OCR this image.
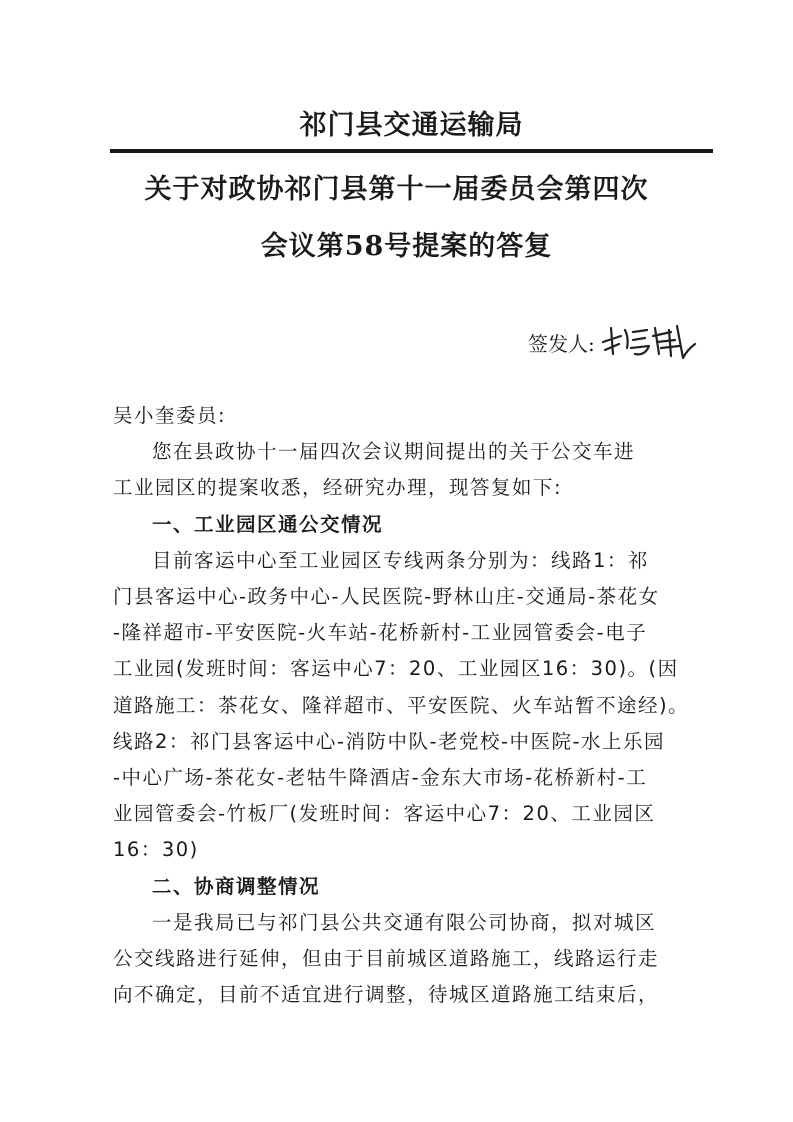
祁门县交通运输局
关于对政协祁门县第十一届委员会第四次
会议第58号提案的答复
签发人:

吴小奎委员:

您在县政协十一届四次会议期间提出的关于公交车进
工业园区的提案收悉，经研究办理，现答复如下:

一、工业园区通公交情况

目前客运中心至工业园区专线两条分别为：线路1：祁
门县客运中心-政务中心-人民医院-野林山庄-交通局-茶花女
-隆祥超市-平安医院-火车站-花桥新村-工业园管委会-电子
工业园(发班时间：客运中心7：20、工业园区16：30)。(因
道路施工：茶花女、隆祥超市、平安医院、火车站暂不途经)。
线路2：祁门县客运中心-消防中队-老党校-中医院-水上乐园
-中心广场-茶花女-老牯牛降酒店-金东大市场-花桥新村-工
业园管委会-竹板厂(发班时间：客运中心7：20、工业园区
16：30)

二、协商调整情况

一是我局已与祁门县公共交通有限公司协商，拟对城区
公交线路进行延伸，但由于目前城区道路施工，线路运行走
向不确定，目前不适宜进行调整，待城区道路施工结束后，
